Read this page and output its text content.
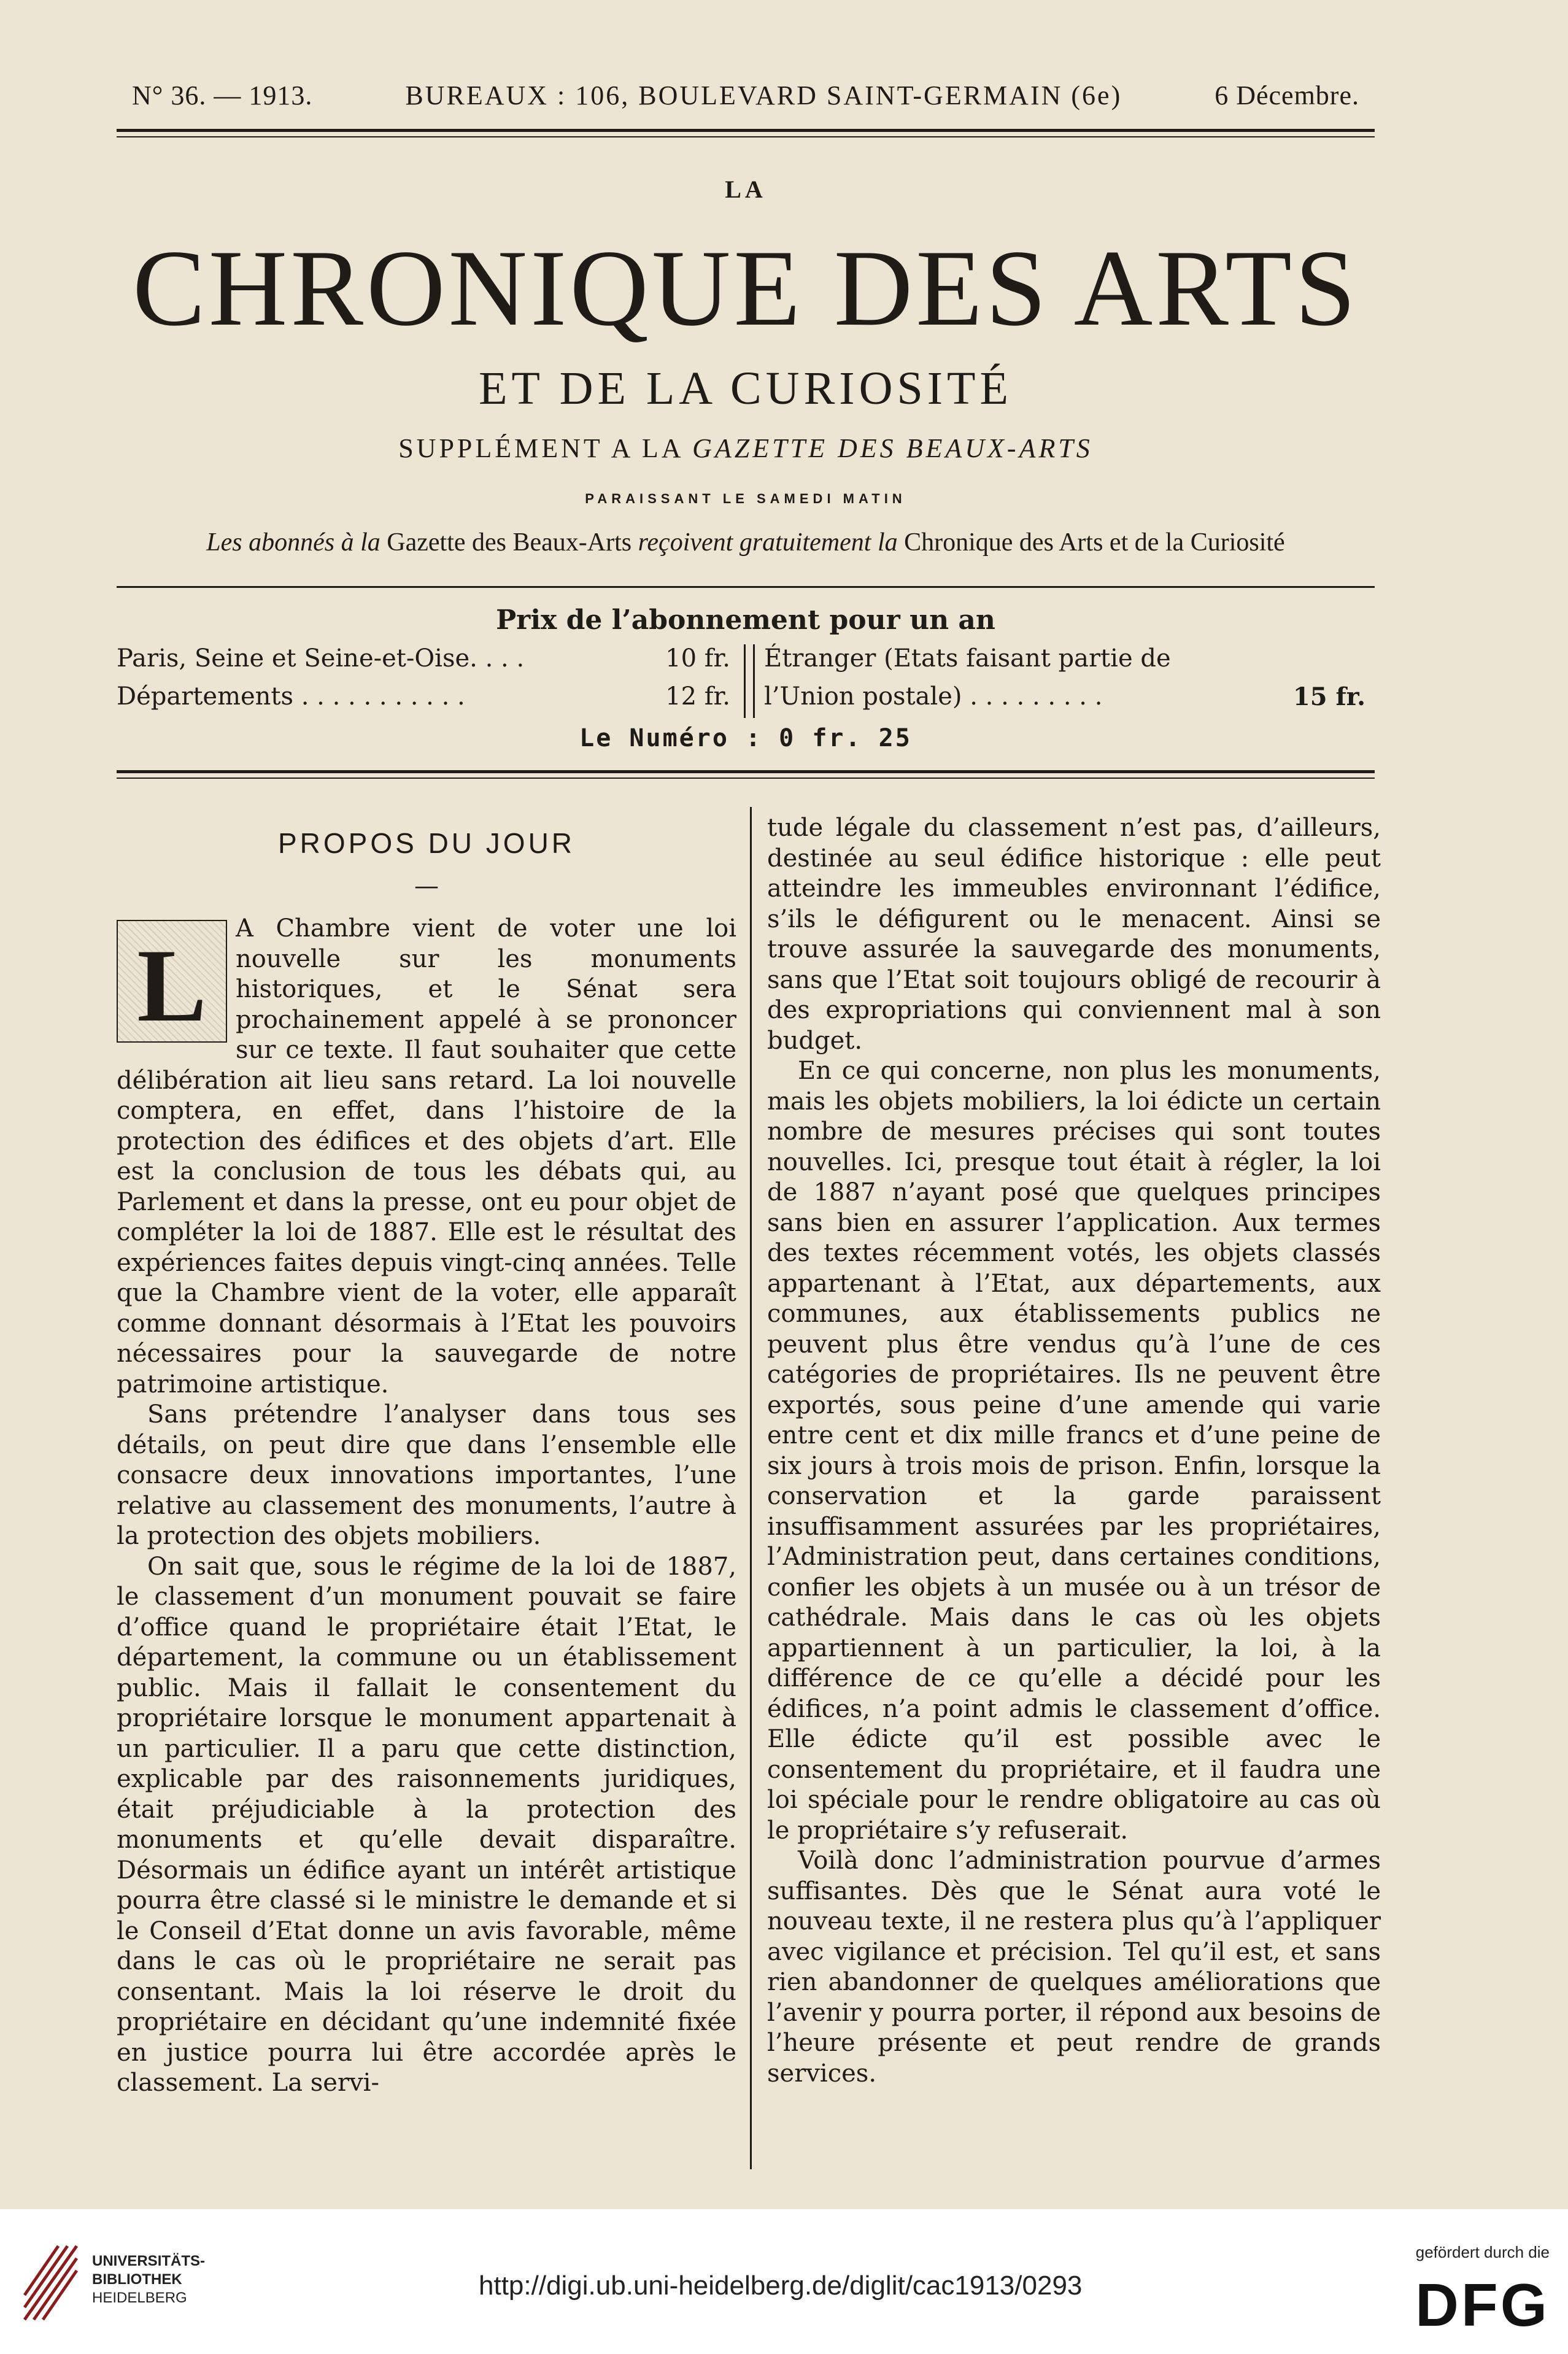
N° 36. — 1913.	BUREAUX : 106, BOULEVARD SAINT-GERMAIN (6e)	6 Décembre.
LA
CHRONIQUE DES ARTS
ET DE LA CURIOSITÉ
SUPPLÉMENT A LA GAZETTE DES BEAUX-ARTS
PARAISSANT LE SAMEDI MATIN
Les abonnés à la Gazette des Beaux-Arts reçoivent gratuitement la Chronique des Arts et de la Curiosité
Prix de l’abonnement pour un an
Paris, Seine et Seine-et-Oise. . . .	10 fr.
Départements . . . . . . . . . . .	12 fr.
Étranger (Etats faisant partie de
l’Union postale) . . . . . . . . .	15 fr.
Le Numéro : 0 fr. 25
PROPOS DU JOUR
—
L	A Chambre vient de voter une loi nouvelle sur les monuments historiques, et le Sénat sera prochainement appelé à se prononcer sur ce texte. Il faut souhaiter que cette délibération ait lieu sans retard. La loi nouvelle comptera, en effet, dans l’histoire de la protection des édifices et des objets d’art. Elle est la conclusion de tous les débats qui, au Parlement et dans la presse, ont eu pour objet de compléter la loi de 1887. Elle est le résultat des expériences faites depuis vingt-cinq années. Telle que la Chambre vient de la voter, elle apparaît comme donnant désormais à l’Etat les pouvoirs nécessaires pour la sauvegarde de notre patrimoine artistique.

Sans prétendre l’analyser dans tous ses détails, on peut dire que dans l’ensemble elle consacre deux innovations importantes, l’une relative au classement des monuments, l’autre à la protection des objets mobiliers.

On sait que, sous le régime de la loi de 1887, le classement d’un monument pouvait se faire d’office quand le propriétaire était l’Etat, le département, la commune ou un établissement public. Mais il fallait le consentement du propriétaire lorsque le monument appartenait à un particulier. Il a paru que cette distinction, explicable par des raisonnements juridiques, était préjudiciable à la protection des monuments et qu’elle devait disparaître. Désormais un édifice ayant un intérêt artistique pourra être classé si le ministre le demande et si le Conseil d’Etat donne un avis favorable, même dans le cas où le propriétaire ne serait pas consentant. Mais la loi réserve le droit du propriétaire en décidant qu’une indemnité fixée en justice pourra lui être accordée après le classement. La servi-

tude légale du classement n’est pas, d’ailleurs, destinée au seul édifice historique : elle peut atteindre les immeubles environnant l’édifice, s’ils le défigurent ou le menacent. Ainsi se trouve assurée la sauvegarde des monuments, sans que l’Etat soit toujours obligé de recourir à des expropriations qui conviennent mal à son budget.

En ce qui concerne, non plus les monuments, mais les objets mobiliers, la loi édicte un certain nombre de mesures précises qui sont toutes nouvelles. Ici, presque tout était à régler, la loi de 1887 n’ayant posé que quelques principes sans bien en assurer l’application. Aux termes des textes récemment votés, les objets classés appartenant à l’Etat, aux départements, aux communes, aux établissements publics ne peuvent plus être vendus qu’à l’une de ces catégories de propriétaires. Ils ne peuvent être exportés, sous peine d’une amende qui varie entre cent et dix mille francs et d’une peine de six jours à trois mois de prison. Enfin, lorsque la conservation et la garde paraissent insuffisamment assurées par les propriétaires, l’Administration peut, dans certaines conditions, confier les objets à un musée ou à un trésor de cathédrale. Mais dans le cas où les objets appartiennent à un particulier, la loi, à la différence de ce qu’elle a décidé pour les édifices, n’a point admis le classement d’office. Elle édicte qu’il est possible avec le consentement du propriétaire, et il faudra une loi spéciale pour le rendre obligatoire au cas où le propriétaire s’y refuserait.

Voilà donc l’administration pourvue d’armes suffisantes. Dès que le Sénat aura voté le nouveau texte, il ne restera plus qu’à l’appliquer avec vigilance et précision. Tel qu’il est, et sans rien abandonner de quelques améliorations que l’avenir y pourra porter, il répond aux besoins de l’heure présente et peut rendre de grands services.

UNIVERSITÄTS-
BIBLIOTHEK
HEIDELBERG	http://digi.ub.uni-heidelberg.de/diglit/cac1913/0293
gefördert durch die
DFG
